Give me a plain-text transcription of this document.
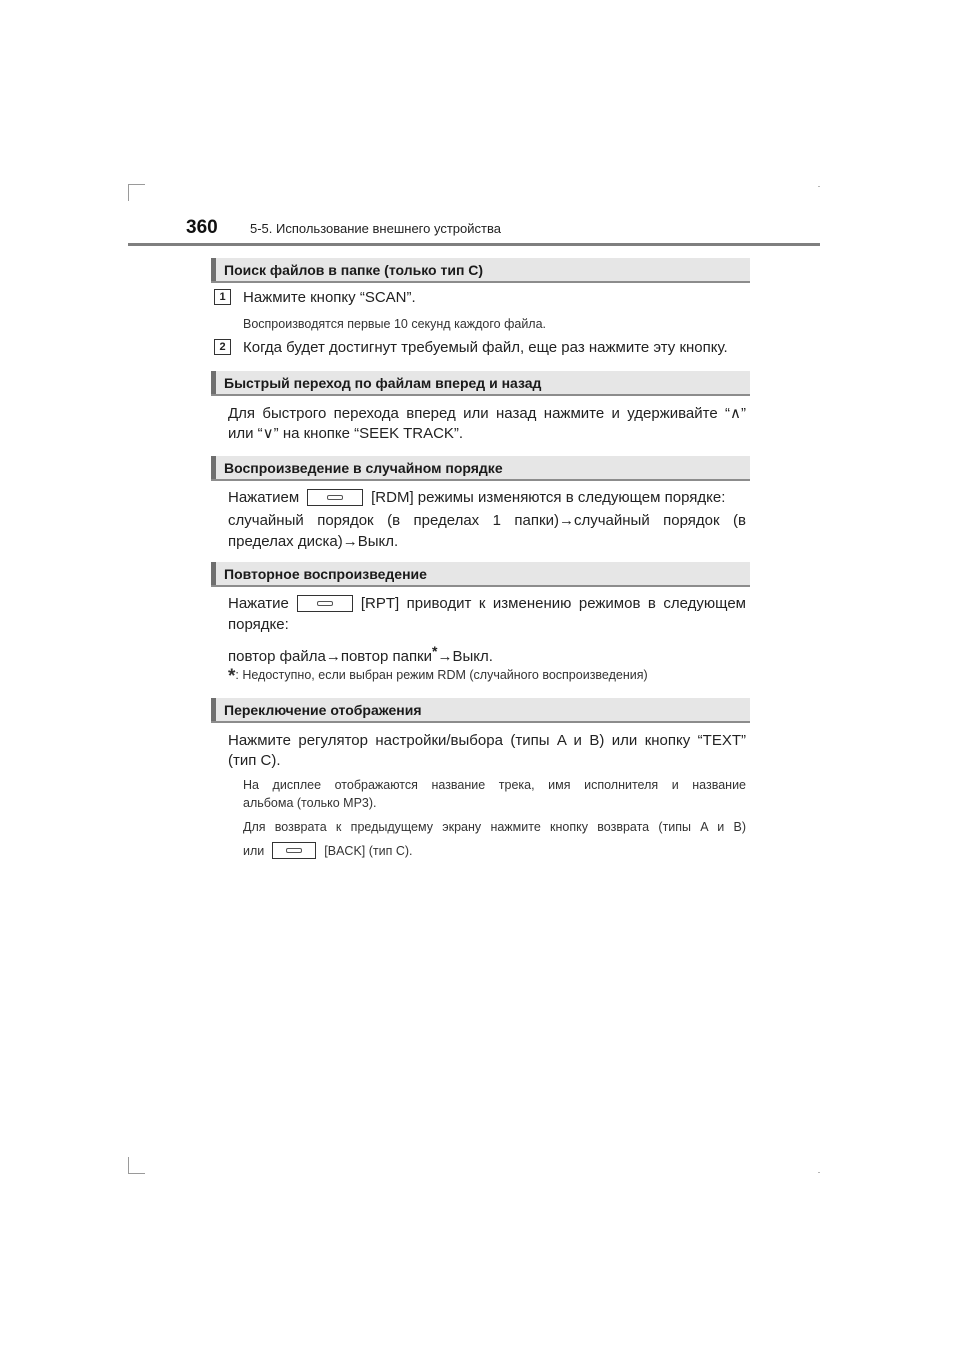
360 5-5. Использование внешнего устройства
Поиск файлов в папке (только тип C)
1	Нажмите кнопку “SCAN”.
Воспроизводятся первые 10 секунд каждого файла.
2	Когда будет достигнут требуемый файл, еще раз нажмите эту кнопку.
Быстрый переход по файлам вперед и назад
Для быстрого перехода вперед или назад нажмите и удерживайте “∧”
или “∨” на кнопке “SEEK TRACK”.
Воспроизведение в случайном порядке
Нажатием	[RDM] режимы изменяются в следующем порядке:
случайный порядок (в пределах 1 папки)→случайный порядок (в
пределах диска)→Выкл.
Повторное воспроизведение
Нажатие	[RPT] приводит к изменению режимов в следующем
порядке:
повтор файла→повтор папки*→Выкл.
*: Недоступно, если выбран режим RDM (случайного воспроизведения)
Переключение отображения
Нажмите регулятор настройки/выбора (типы A и B) или кнопку “TEXT”
(тип C).
На дисплее отображаются название трека, имя исполнителя и название
альбома (только MP3).
Для возврата к предыдущему экрану нажмите кнопку возврата (типы A и B)
или	[BACK] (тип C).
